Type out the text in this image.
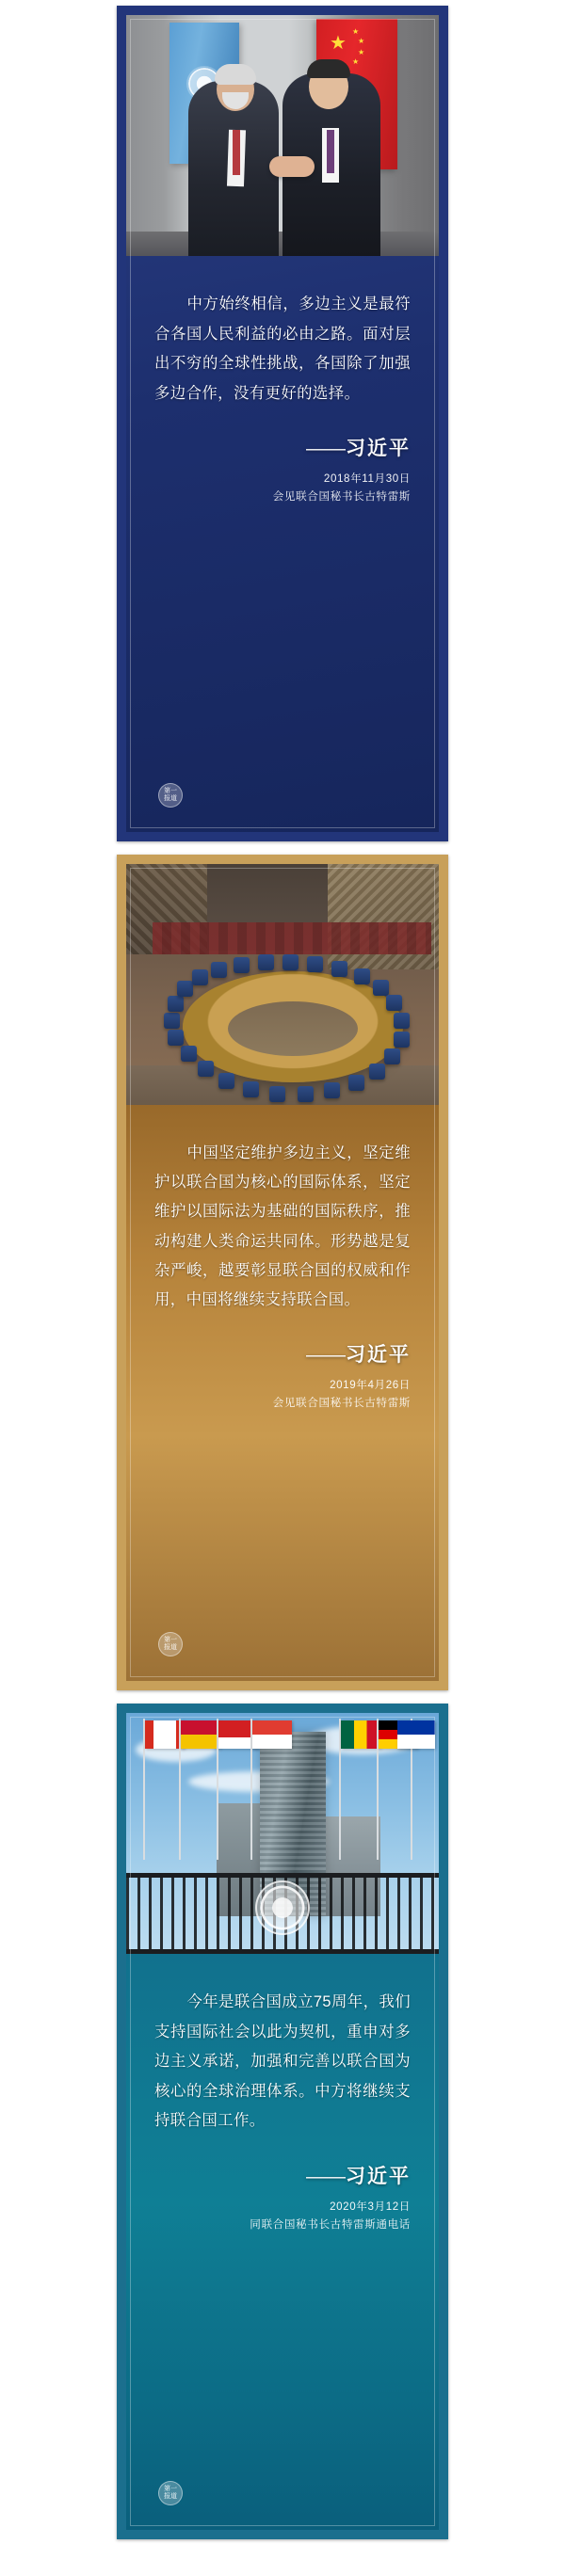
★
★
★
★
★
中方始终相信，多边主义是最符合各国人民利益的必由之路。面对层出不穷的全球性挑战，各国除了加强多边合作，没有更好的选择。
——习近平
2018年11月30日
会见联合国秘书长古特雷斯
第一
报道
中国坚定维护多边主义，坚定维护以联合国为核心的国际体系，坚定维护以国际法为基础的国际秩序，推动构建人类命运共同体。形势越是复杂严峻，越要彰显联合国的权威和作用，中国将继续支持联合国。
——习近平
2019年4月26日
会见联合国秘书长古特雷斯
第一
报道
今年是联合国成立75周年，我们支持国际社会以此为契机，重申对多边主义承诺，加强和完善以联合国为核心的全球治理体系。中方将继续支持联合国工作。
——习近平
2020年3月12日
同联合国秘书长古特雷斯通电话
第一
报道
